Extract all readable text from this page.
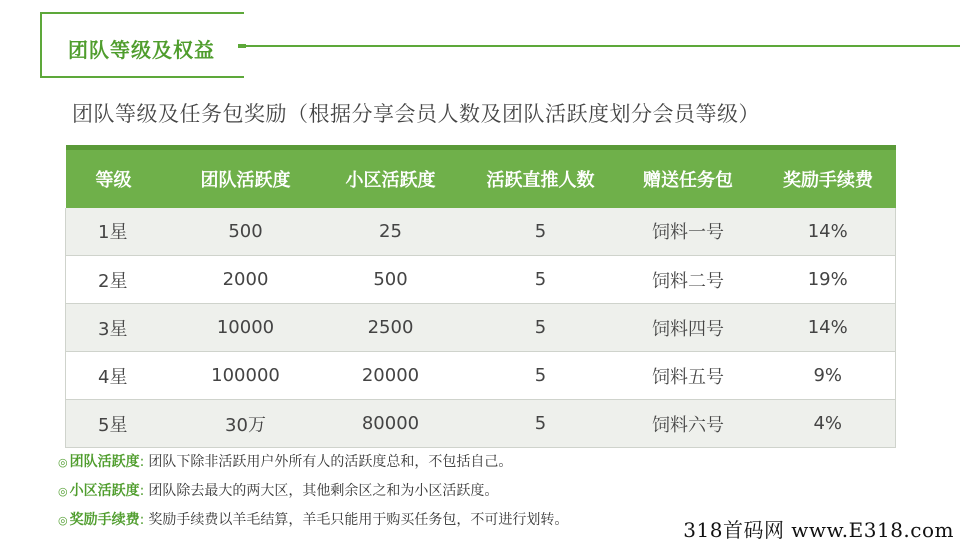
团队等级及权益
团队等级及任务包奖励（根据分享会员人数及团队活跃度划分会员等级）
等级	团队活跃度	小区活跃度	活跃直推人数	赠送任务包	奖励手续费
1星	500	25	5	饲料一号	14%
2星	2000	500	5	饲料二号	19%
3星	10000	2500	5	饲料四号	14%
4星	100000	20000	5	饲料五号	9%
5星	30万	80000	5	饲料六号	4%
◎ 团队活跃度: 团队下除非活跃用户外所有人的活跃度总和，不包括自己。
◎ 小区活跃度: 团队除去最大的两大区，其他剩余区之和为小区活跃度。
◎ 奖励手续费: 奖励手续费以羊毛结算，羊毛只能用于购买任务包，不可进行划转。	318首码网 www.E318.com
